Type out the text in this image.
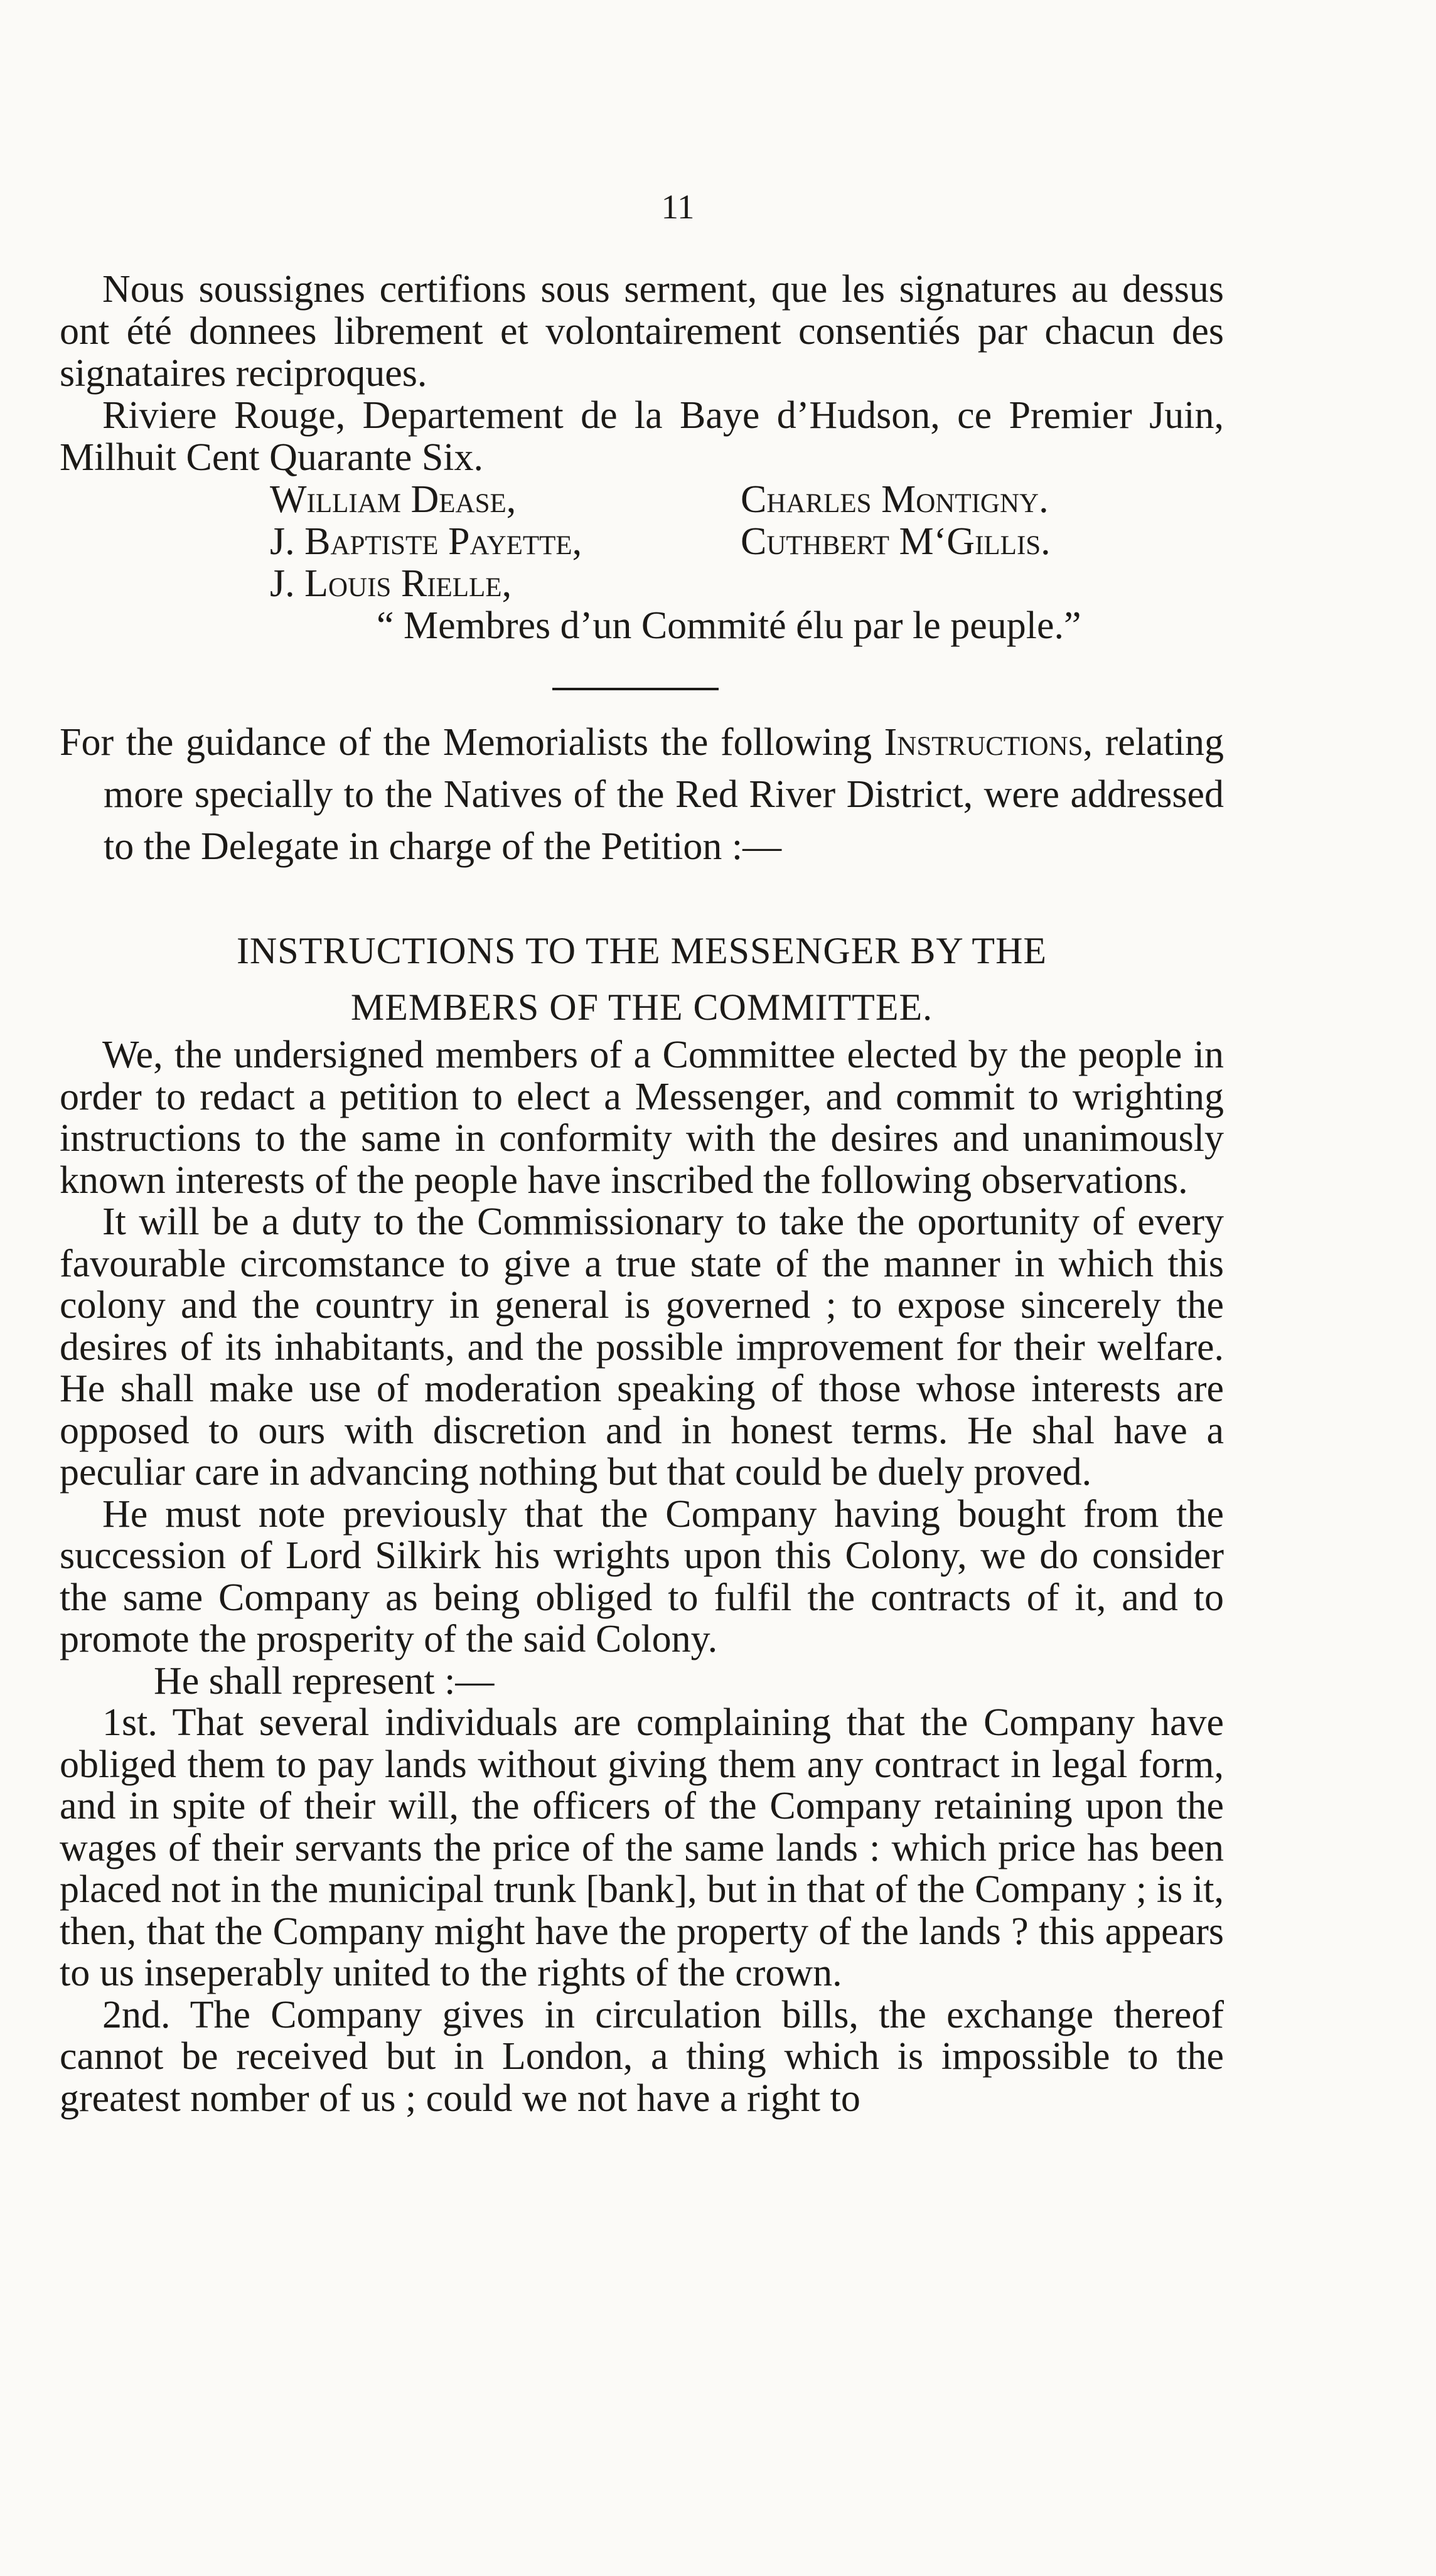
11

Nous soussignes certifions sous serment, que les signatures au dessus ont été donnees librement et volontairement consentiés par chacun des signataires reciproques.

Riviere Rouge, Departement de la Baye d’Hudson, ce Premier Juin, Milhuit Cent Quarante Six.

William Dease,	Charles Montigny.
J. Baptiste Payette,	Cuthbert M‘Gillis.
J. Louis Rielle,
“ Membres d’un Commité élu par le peuple.”
For the guidance of the Memorialists the following Instructions, relating more specially to the Natives of the Red River District, were addressed to the Delegate in charge of the Petition :—
INSTRUCTIONS TO THE MESSENGER BY THE
MEMBERS OF THE COMMITTEE.

We, the undersigned members of a Committee elected by the people in order to redact a petition to elect a Messenger, and commit to wrighting instructions to the same in conformity with the desires and unanimously known interests of the people have inscribed the following observations.

It will be a duty to the Commissionary to take the oportunity of every favourable circomstance to give a true state of the manner in which this colony and the country in general is governed ; to expose sincerely the desires of its inhabitants, and the possible improvement for their welfare. He shall make use of moderation speaking of those whose interests are opposed to ours with discretion and in honest terms. He shal have a peculiar care in advancing nothing but that could be duely proved.

He must note previously that the Company having bought from the succession of Lord Silkirk his wrights upon this Colony, we do consider the same Company as being obliged to fulfil the contracts of it, and to promote the prosperity of the said Colony.

He shall represent :—

1st. That several individuals are complaining that the Company have obliged them to pay lands without giving them any contract in legal form, and in spite of their will, the officers of the Company retaining upon the wages of their servants the price of the same lands : which price has been placed not in the municipal trunk [bank], but in that of the Company ; is it, then, that the Company might have the property of the lands ? this appears to us inseperably united to the rights of the crown.

2nd. The Company gives in circulation bills, the exchange thereof cannot be received but in London, a thing which is impossible to the greatest nomber of us ; could we not have a right to
